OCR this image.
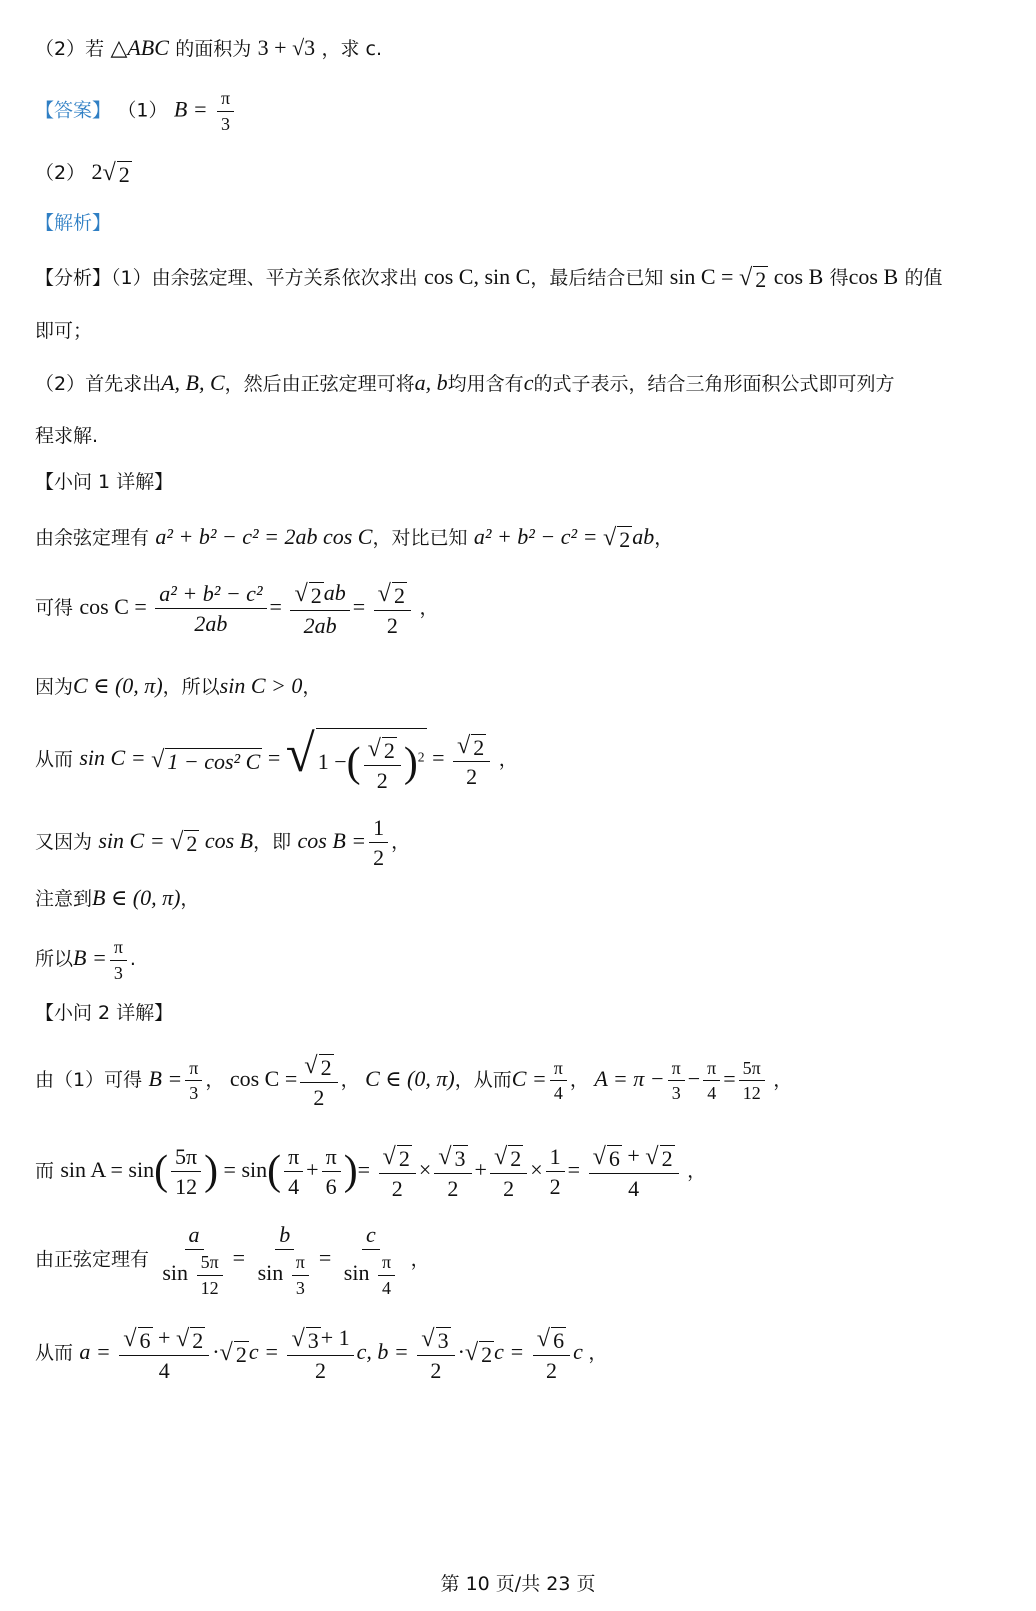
（2）若 △ABC 的面积为 3 + √3 ，求 c.
【答案】 （1） $B = \frac{\pi}{3}$
（2） 2 √ 2
【解析】
【分析】（1）由余弦定理、平方关系依次求出 cos C, sin C，最后结合已知 sin C = √ 2 cos B 得cos B 的值
即可；
（2）首先求出A, B, C，然后由正弦定理可将a, b均用含有c的式子表示，结合三角形面积公式即可列方
程求解.
【小问 1 详解】
由余弦定理有 a² + b² − c² = 2ab cos C，对比已知 a² + b² − c² = √ 2 ab，
可得 $\cos C = \frac{\text{a² + b² − c²}}{2ab} = \frac{√ 2 ab}{2ab} = \frac{√ 2}{2}$ ，
因为C ∈ (0, π)，所以sin C > 0，
从而 sin C = √ 1 − cos² C = √ 1 −( $\frac{√ 2}{2} )^2 = \frac{√ 2}{2}$ ，
又因为 sin C = √ 2 cos B，即 $\cos B = \frac{1}{2}$ ，
注意到B ∈ (0, π)，
所以$B = \frac{\pi}{3}$ .
【小问 2 详解】
由（1）可得 $B = \frac{\pi}{3}$ ， $\cos C = \frac{√ 2}{2}$ ， C ∈ (0, π)，从而$C = \frac{\pi}{4}$ ， $A = \pi - \frac{\pi}{3} - \frac{\pi}{4} = \frac{5\pi}{12}$ ，
而 $\sin A = \sin( \frac{5\pi}{12}$ ) = $\sin( \frac{\pi}{4} + \frac{\pi}{6}$ )= $\frac{√ 2}{2} \times \frac{√ 3}{2} + \frac{√ 2}{2} \times \frac{1}{2} = \frac{√ 6 + √ 2}{4}$ ，
由正弦定理有 $\frac{a}{\sin \frac{5\pi}{12}} = \frac{b}{\sin \frac{\pi}{3}} = \frac{c}{\sin \frac{\pi}{4}}$ ，
从而 $a = \frac{√ 6 + √ 2}{4}$ · √ 2 $c = \frac{√ 3 + 1}{2} c$, $b = \frac{√ 3}{2}$ · √ 2 $c = \frac{√ 6}{2}$ c ，
第 10 页/共 23 页
